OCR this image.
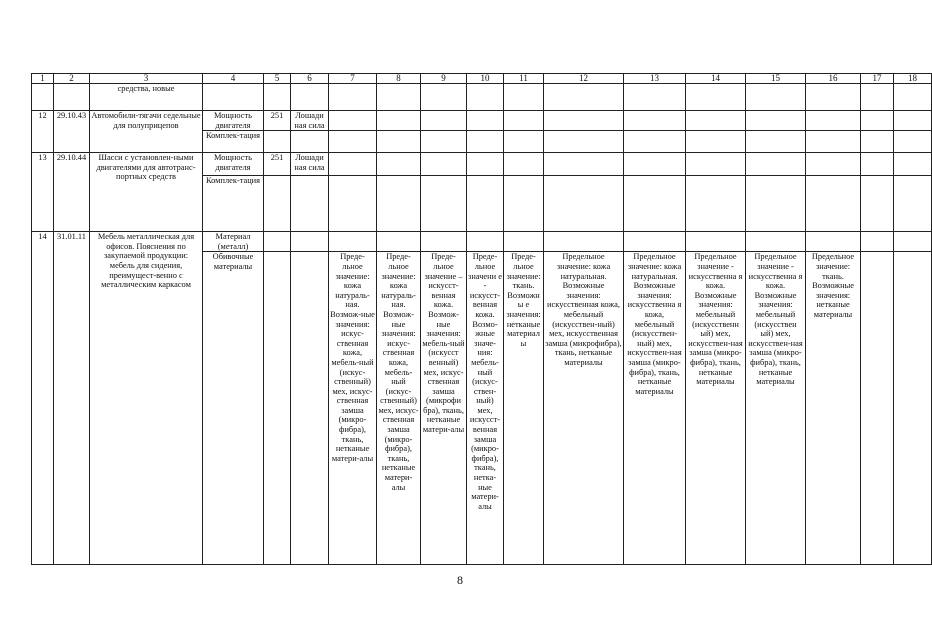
1	2	3	4	5	6	7	8	9	10	11	12	13	14	15	16	17	18	
		средства, новые																
12	29.10.43	Автомобили-тягачи седельные для полуприцепов	Мощность двигателя	251	Лошади ная сила													
			Комплек-тация															
13	29.10.44	Шасси с установлен-ными двигателями для автотранс-портных средств	Мощность двигателя	251	Лошади ная сила													
			Комплек-тация															
14	31.01.11	Мебель металлическая для офисов. Пояснения по закупаемой продукции: мебель для сидения, преимущест-венно с металлическим каркасом	Материал (металл)															
			Обивочные материалы			Преде-льное значение: кожа натураль-ная. Возмож-ные значения: искус-ственная кожа, мебель-ный (искус-ственный) мех, искус-ственная замша (микро-фибра), ткань, нетканые матери-алы	Преде-льное значение: кожа натураль-ная. Возмож-ные значения: искус-ственная кожа, мебель-ный (искус-ственный) мех, искус-ственная замша (микро-фибра), ткань, нетканые матери-алы	Преде-льное значение – искусст-венная кожа. Возмож-ные значения: мебель-ный (искусст венный) мех, искус-ственная замша (микрофи бра), ткань, нетканые матери-алы	Преде-льное значени е - искусст-венная кожа. Возмо-жные значе-ния: мебель-ный (искус-ствен-ный) мех, искусст-венная замша (микро-фибра), ткань, нетка-ные матери-алы	Преде-льное значение: ткань. Возможны е значения: нетканые материал ы	Предельное значение: кожа натуральная. Возможные значения: искусственная кожа, мебельный (искусствен-ный) мех, искусственная замша (микрофибра), ткань, нетканые материалы	Предельное значение: кожа натуральная. Возможные значения: искусственна я кожа, мебельный (искусствен-ный) мех, искусствен-ная замша (микро-фибра), ткань, нетканые материалы	Предельное значение - искусственна я кожа. Возможные значения: мебельный (искусственн ый) мех, искусствен-ная замша (микро-фибра), ткань, нетканые материалы	Предельное значение - искусственна я кожа. Возможные значения: мебельный (искусствен ый) мех, искусствен-ная замша (микро-фибра), ткань, нетканые материалы	Предельное значение: ткань. Возможные значения: нетканые материалы			
8
